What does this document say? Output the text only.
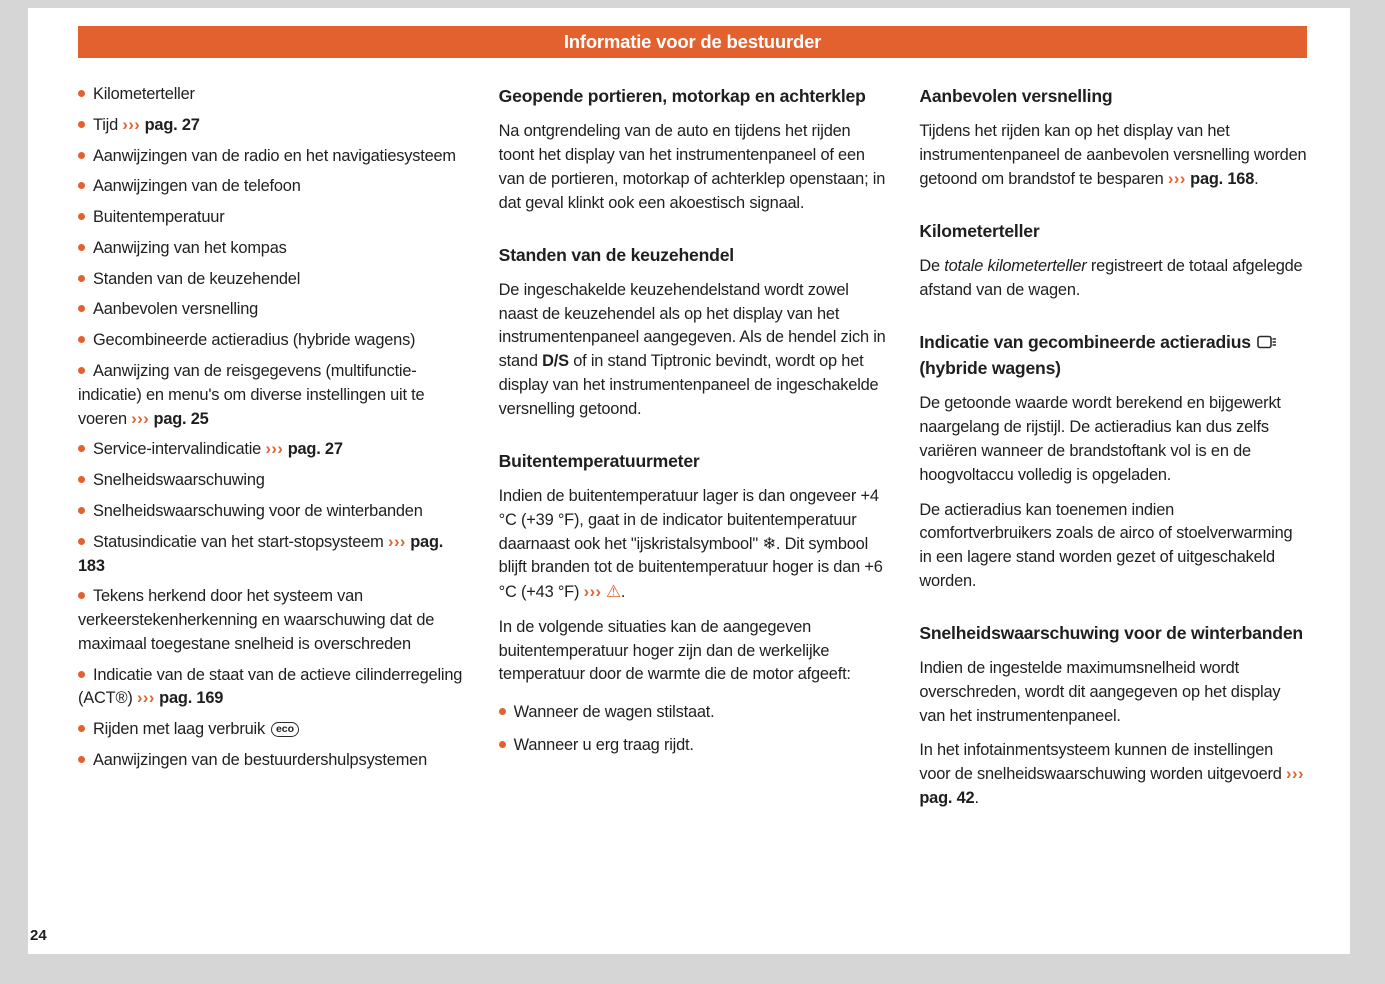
Informatie voor de bestuurder
Kilometerteller
Tijd ››› pag. 27
Aanwijzingen van de radio en het navigatiesysteem
Aanwijzingen van de telefoon
Buitentemperatuur
Aanwijzing van het kompas
Standen van de keuzehendel
Aanbevolen versnelling
Gecombineerde actieradius (hybride wagens)
Aanwijzing van de reisgegevens (multifunctie-indicatie) en menu's om diverse instellingen uit te voeren ››› pag. 25
Service-intervalindicatie ››› pag. 27
Snelheidswaarschuwing
Snelheidswaarschuwing voor de winterbanden
Statusindicatie van het start-stopsysteem ››› pag. 183
Tekens herkend door het systeem van verkeerstekenherkenning en waarschuwing dat de maximaal toegestane snelheid is overschreden
Indicatie van de staat van de actieve cilinderregeling (ACT®) ››› pag. 169
Rijden met laag verbruik eco
Aanwijzingen van de bestuurdershulpsystemen
Geopende portieren, motorkap en achterklep

Na ontgrendeling van de auto en tijdens het rijden toont het display van het instrumentenpaneel of een van de portieren, motorkap of achterklep openstaan; in dat geval klinkt ook een akoestisch signaal.

Standen van de keuzehendel

De ingeschakelde keuzehendelstand wordt zowel naast de keuzehendel als op het display van het instrumentenpaneel aangegeven. Als de hendel zich in stand D/S of in stand Tiptronic bevindt, wordt op het display van het instrumentenpaneel de ingeschakelde versnelling getoond.

Buitentemperatuurmeter

Indien de buitentemperatuur lager is dan ongeveer +4 °C (+39 °F), gaat in de indicator buitentemperatuur daarnaast ook het "ijskristalsymbool" ❄. Dit symbool blijft branden tot de buitentemperatuur hoger is dan +6 °C (+43 °F) ››› ⚠.

In de volgende situaties kan de aangegeven buitentemperatuur hoger zijn dan de werkelijke temperatuur door de warmte die de motor afgeeft:

Wanneer de wagen stilstaat.
Wanneer u erg traag rijdt.
Aanbevolen versnelling

Tijdens het rijden kan op het display van het instrumentenpaneel de aanbevolen versnelling worden getoond om brandstof te besparen ››› pag. 168.

Kilometerteller

De totale kilometerteller registreert de totaal afgelegde afstand van de wagen.

Indicatie van gecombineerde actieradius  (hybride wagens)

De getoonde waarde wordt berekend en bijgewerkt naargelang de rijstijl. De actieradius kan dus zelfs variëren wanneer de brandstoftank vol is en de hoogvoltaccu volledig is opgeladen.

De actieradius kan toenemen indien comfortverbruikers zoals de airco of stoelverwarming in een lagere stand worden gezet of uitgeschakeld worden.

Snelheidswaarschuwing voor de winterbanden

Indien de ingestelde maximumsnelheid wordt overschreden, wordt dit aangegeven op het display van het instrumentenpaneel.

In het infotainmentsysteem kunnen de instellingen voor de snelheidswaarschuwing worden uitgevoerd ››› pag. 42.

24
